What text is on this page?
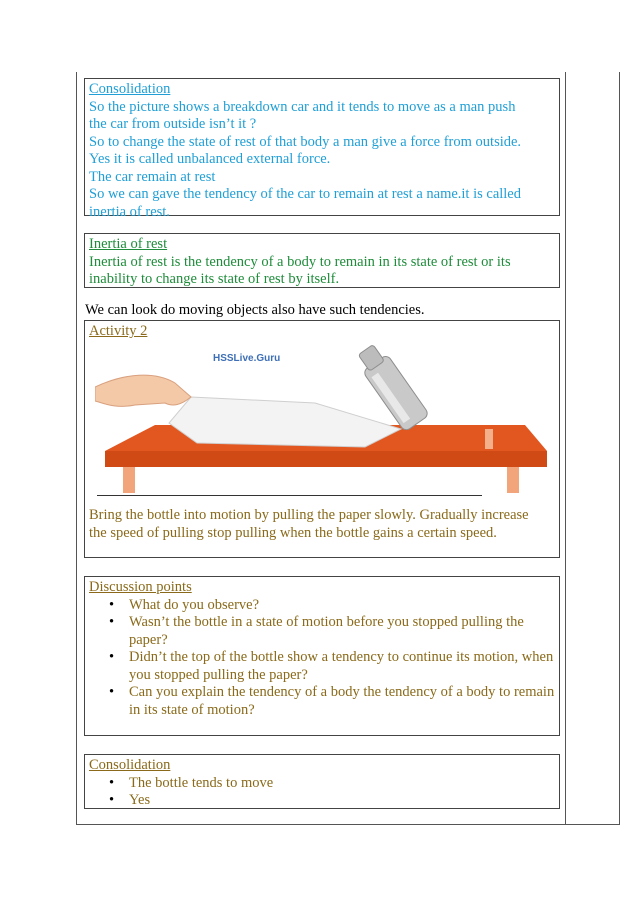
Consolidation
So the picture shows a breakdown car and it tends to move as a man push
the car from outside isn’t it ?
So to change the state of rest of that body a man give a force from outside.
Yes it is called unbalanced external force.
The car remain at rest
So we can gave the tendency of the car to remain at rest a name.it is called
inertia of rest.
Inertia of rest
Inertia of rest is the tendency of a body to remain in its state of rest or its
inability to change its state of rest by itself.
We can look do moving objects also have such tendencies.
Activity 2
HSSLive.Guru
Bring the bottle into motion by pulling the paper slowly. Gradually increase
the speed of pulling stop pulling when the bottle gains a certain speed.
Discussion points
• What do you observe?
• Wasn’t the bottle in a state of motion before you stopped pulling the paper?
• Didn’t the top of the bottle show a tendency to continue its motion, when you stopped pulling the paper?
• Can you explain the tendency of a body the tendency of a body to remain in its state of motion?
Consolidation
• The bottle tends to move
• Yes
